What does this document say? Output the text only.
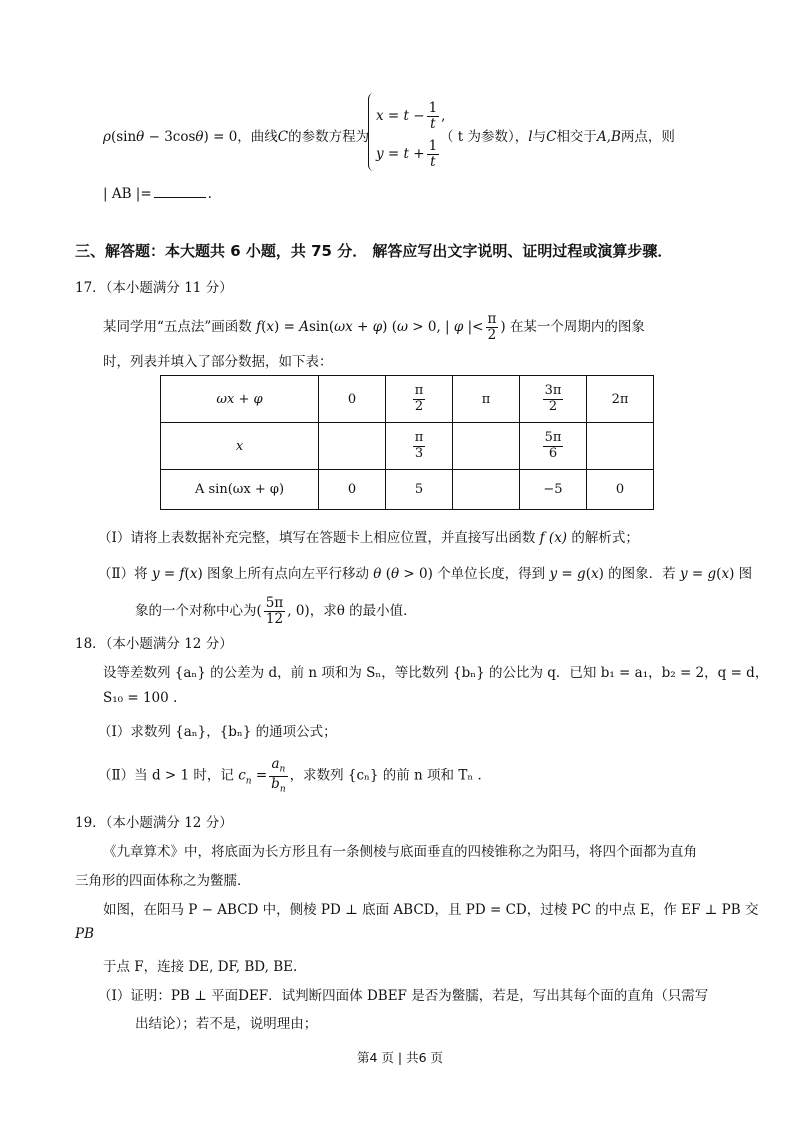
ρ(sinθ − 3cosθ) = 0，曲线C的参数方程为
$x = t - \frac{1}{t}$ ,
$y = t + \frac{1}{t}$
（ t 为参数），l与C相交于A,B两点，则
| AB |=	.
三、解答题：本大题共 6 小题，共 75 分． 解答应写出文字说明、证明过程或演算步骤．
17．（本小题满分 11 分）
某同学用“五点法”画函数 f(x) = Asin(ωx + φ) (ω > 0, | φ |< $\frac{\pi}{2}$ ) 在某一个周期内的图象
时，列表并填入了部分数据，如下表：
ωx + φ	0	$\frac{\pi}{2}$	π	$\frac{3\pi}{2}$	2π
x		$\frac{\pi}{3}$		$\frac{5\pi}{6}$

A sin(ωx + φ)	0	5		−5	0
（Ⅰ）请将上表数据补充完整，填写在答题卡上相应位置，并直接写出函数 f (x) 的解析式；
（Ⅱ）将 y = f(x) 图象上所有点向左平行移动 θ (θ > 0) 个单位长度，得到 y = g(x) 的图象．若 y = g(x) 图
象的一个对称中心为( $\frac{5\pi}{12}$ , 0)，求θ 的最小值．
18．（本小题满分 12 分）
设等差数列 {aₙ} 的公差为 d，前 n 项和为 Sₙ，等比数列 {bₙ} 的公比为 q．已知 b₁ = a₁，b₂ = 2，q = d，
S₁₀ = 100 .
（Ⅰ）求数列 {aₙ}，{bₙ} 的通项公式；
（Ⅱ）当 d > 1 时，记 $c_n = \frac{a_n}{b_n}$ ，求数列 {cₙ} 的前 n 项和 Tₙ ．
19．（本小题满分 12 分）
《九章算术》中，将底面为长方形且有一条侧棱与底面垂直的四棱锥称之为阳马，将四个面都为直角
三角形的四面体称之为鳖臑．
如图，在阳马 P − ABCD 中，侧棱 PD ⊥ 底面 ABCD，且 PD = CD，过棱 PC 的中点 E，作 EF ⊥ PB 交
PB
于点 F，连接 DE, DF, BD, BE.
（Ⅰ）证明：PB ⊥ 平面DEF．试判断四面体 DBEF 是否为鳖臑，若是，写出其每个面的直角（只需写
出结论）；若不是，说明理由；
第4 页 | 共6 页
